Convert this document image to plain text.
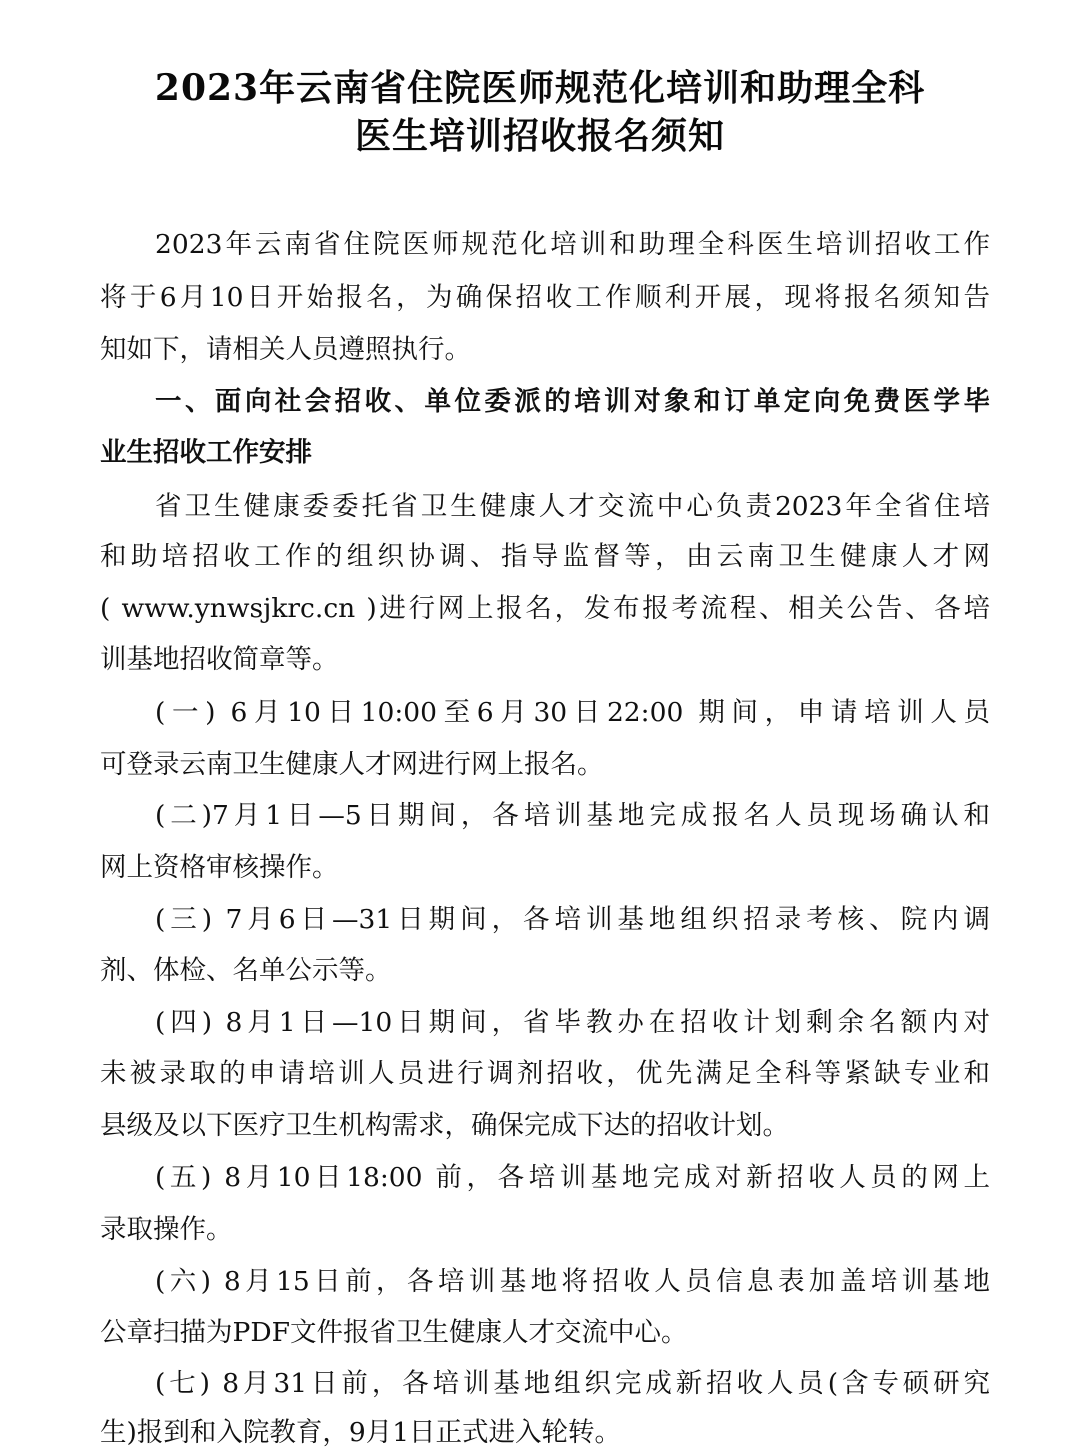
2023年云南省住院医师规范化培训和助理全科
医生培训招收报名须知
2023年云南省住院医师规范化培训和助理全科医生培训招收工作
将于6月10日开始报名，为确保招收工作顺利开展，现将报名须知告
知如下，请相关人员遵照执行。
一、面向社会招收、单位委派的培训对象和订单定向免费医学毕
业生招收工作安排
省卫生健康委委托省卫生健康人才交流中心负责2023年全省住培
和助培招收工作的组织协调、指导监督等，由云南卫生健康人才网
( www.ynwsjkrc.cn )进行网上报名，发布报考流程、相关公告、各培
训基地招收简章等。
(一) 6月10日10:00至6月30日22:00 期间，申请培训人员
可登录云南卫生健康人才网进行网上报名。
(二)7月1日—5日期间，各培训基地完成报名人员现场确认和
网上资格审核操作。
(三) 7月6日—31日期间，各培训基地组织招录考核、院内调
剂、体检、名单公示等。
(四) 8月1日—10日期间，省毕教办在招收计划剩余名额内对
未被录取的申请培训人员进行调剂招收，优先满足全科等紧缺专业和
县级及以下医疗卫生机构需求，确保完成下达的招收计划。
(五) 8月10日18:00 前，各培训基地完成对新招收人员的网上
录取操作。
(六) 8月15日前，各培训基地将招收人员信息表加盖培训基地
公章扫描为PDF文件报省卫生健康人才交流中心。
(七) 8月31日前，各培训基地组织完成新招收人员(含专硕研究
生)报到和入院教育，9月1日正式进入轮转。
